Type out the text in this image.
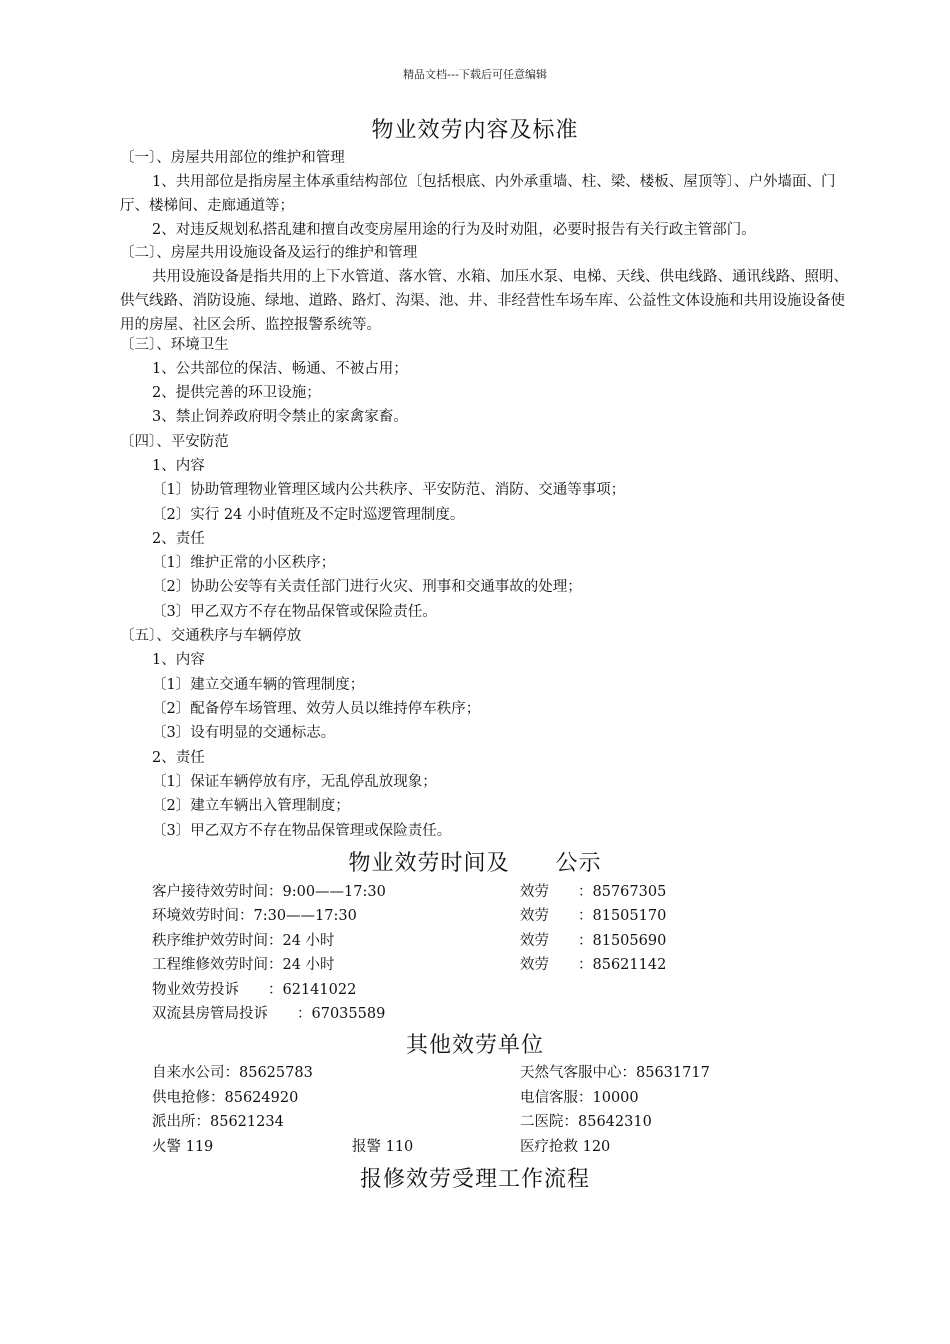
精品文档---下载后可任意编辑
物业效劳内容及标准
〔一〕、房屋共用部位的维护和管理
1、共用部位是指房屋主体承重结构部位〔包括根底、内外承重墙、柱、梁、楼板、屋顶等〕、户外墙面、门厅、楼梯间、走廊通道等；
2、对违反规划私搭乱建和擅自改变房屋用途的行为及时劝阻，必要时报告有关行政主管部门。
〔二〕、房屋共用设施设备及运行的维护和管理
共用设施设备是指共用的上下水管道、落水管、水箱、加压水泵、电梯、天线、供电线路、通讯线路、照明、供气线路、消防设施、绿地、道路、路灯、沟渠、池、井、非经营性车场车库、公益性文体设施和共用设施设备使用的房屋、社区会所、监控报警系统等。
〔三〕、环境卫生
1、公共部位的保洁、畅通、不被占用；
2、提供完善的环卫设施；
3、禁止饲养政府明令禁止的家禽家畜。
〔四〕、平安防范
1、内容
〔1〕协助管理物业管理区域内公共秩序、平安防范、消防、交通等事项；
〔2〕实行 24 小时值班及不定时巡逻管理制度。
2、责任
〔1〕维护正常的小区秩序；
〔2〕协助公安等有关责任部门进行火灾、刑事和交通事故的处理；
〔3〕甲乙双方不存在物品保管或保险责任。
〔五〕、交通秩序与车辆停放
1、内容
〔1〕建立交通车辆的管理制度；
〔2〕配备停车场管理、效劳人员以维持停车秩序；
〔3〕设有明显的交通标志。
2、责任
〔1〕保证车辆停放有序，无乱停乱放现象；
〔2〕建立车辆出入管理制度；
〔3〕甲乙双方不存在物品保管理或保险责任。
物业效劳时间及　　公示
客户接待效劳时间：9:00——17:30	效劳 ：85767305
环境效劳时间：7:30——17:30	效劳 ：81505170
秩序维护效劳时间：24 小时	效劳 ：81505690
工程维修效劳时间：24 小时	效劳 ：85621142
物业效劳投诉　　：62141022
双流县房管局投诉　　：67035589
其他效劳单位
自来水公司：85625783	天然气客服中心：85631717
供电抢修：85624920	电信客服：10000
派出所：85621234	二医院：85642310
火警 119	报警 110	医疗抢救 120
报修效劳受理工作流程
